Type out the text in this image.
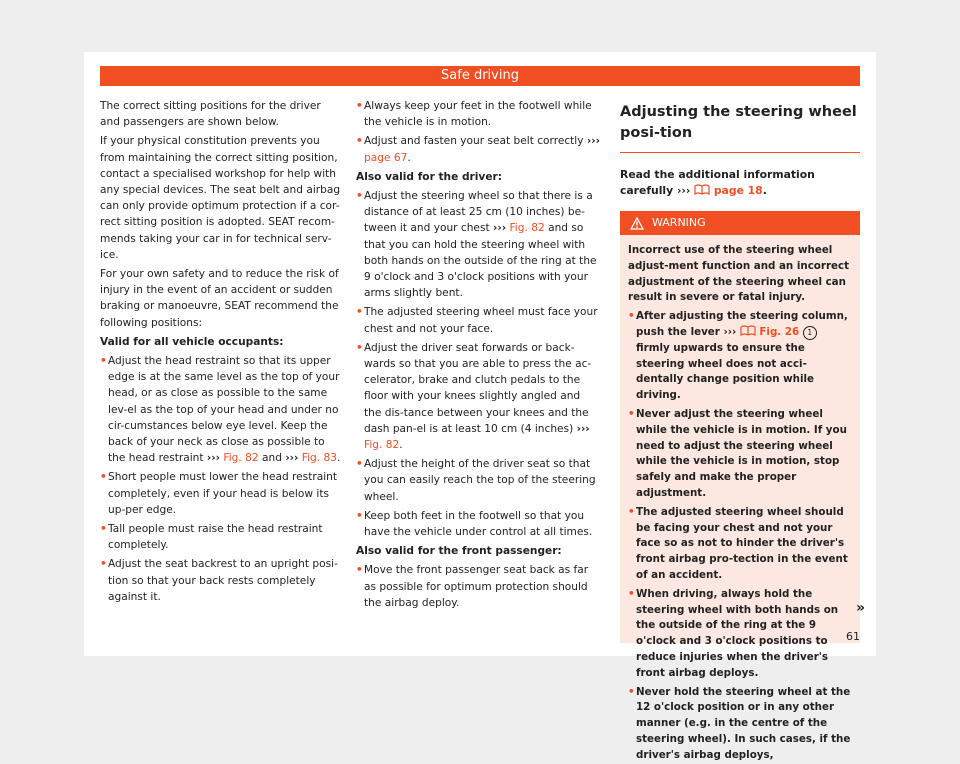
Safe driving

The correct sitting positions for the driver and passengers are shown below.

If your physical constitution prevents you from maintaining the correct sitting position, contact a specialised workshop for help with any special devices. The seat belt and airbag can only provide optimum protection if a cor-rect sitting position is adopted. SEAT recom-mends taking your car in for technical serv-ice.

For your own safety and to reduce the risk of injury in the event of an accident or sudden braking or manoeuvre, SEAT recommend the following positions:

Valid for all vehicle occupants:

• Adjust the head restraint so that its upper edge is at the same level as the top of your head, or as close as possible to the same lev-el as the top of your head and under no cir-cumstances below eye level. Keep the back of your neck as close as possible to the head restraint ››› Fig. 82 and ››› Fig. 83.
• Short people must lower the head restraint completely, even if your head is below its up-per edge.
• Tall people must raise the head restraint completely.
• Adjust the seat backrest to an upright posi-tion so that your back rests completely against it.
• Always keep your feet in the footwell while the vehicle is in motion.
• Adjust and fasten your seat belt correctly ››› page 67.

Also valid for the driver:

• Adjust the steering wheel so that there is a distance of at least 25 cm (10 inches) be-tween it and your chest ››› Fig. 82 and so that you can hold the steering wheel with both hands on the outside of the ring at the 9 o'clock and 3 o'clock positions with your arms slightly bent.
• The adjusted steering wheel must face your chest and not your face.
• Adjust the driver seat forwards or back-wards so that you are able to press the ac-celerator, brake and clutch pedals to the floor with your knees slightly angled and the dis-tance between your knees and the dash pan-el is at least 10 cm (4 inches) ››› Fig. 82.
• Adjust the height of the driver seat so that you can easily reach the top of the steering wheel.
• Keep both feet in the footwell so that you have the vehicle under control at all times.

Also valid for the front passenger:

• Move the front passenger seat back as far as possible for optimum protection should the airbag deploy.
Adjusting the steering wheel posi-tion
Read the additional information carefully ››› page 18.
WARNING

Incorrect use of the steering wheel adjust-ment function and an incorrect adjustment of the steering wheel can result in severe or fatal injury.

• After adjusting the steering column, push the lever ››› Fig. 26 1 firmly upwards to ensure the steering wheel does not acci-dentally change position while driving.
• Never adjust the steering wheel while the vehicle is in motion. If you need to adjust the steering wheel while the vehicle is in motion, stop safely and make the proper adjustment.
• The adjusted steering wheel should be facing your chest and not your face so as not to hinder the driver's front airbag pro-tection in the event of an accident.
• When driving, always hold the steering wheel with both hands on the outside of the ring at the 9 o'clock and 3 o'clock positions to reduce injuries when the driver's front airbag deploys.
• Never hold the steering wheel at the 12 o'clock position or in any other manner (e.g. in the centre of the steering wheel). In such cases, if the driver's airbag deploys,
»
61
